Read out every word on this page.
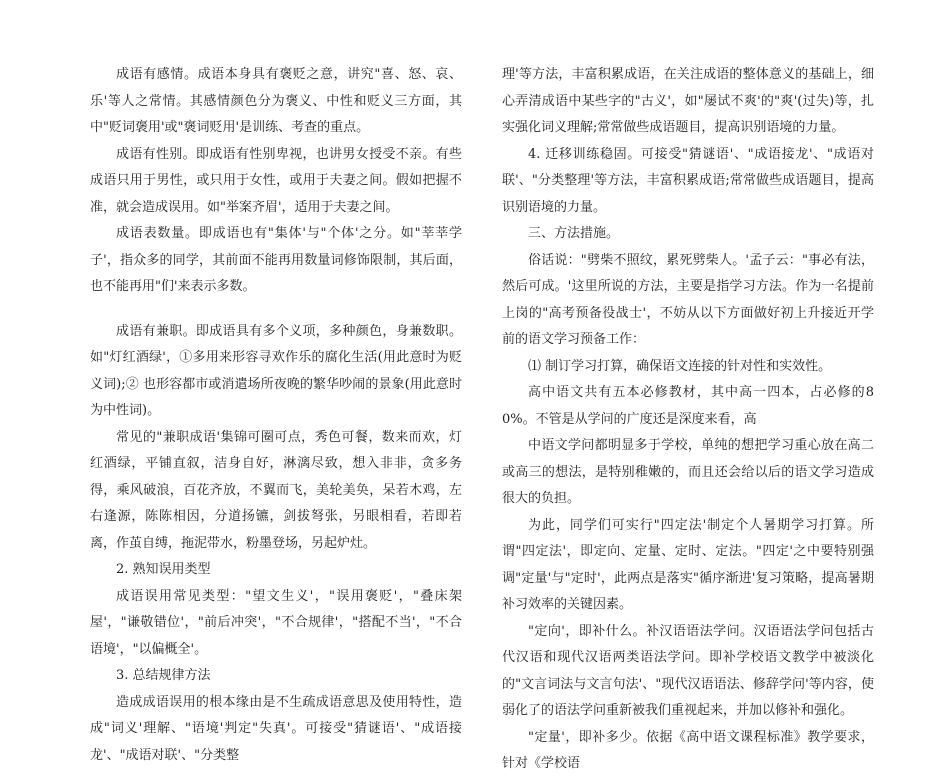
成语有感情。成语本身具有褒贬之意，讲究"喜、怒、哀、乐'等人之常情。其感情颜色分为褒义、中性和贬义三方面，其中"贬词褒用'或"褒词贬用'是训练、考查的重点。

成语有性别。即成语有性别卑视，也讲男女授受不亲。有些成语只用于男性，或只用于女性，或用于夫妻之间。假如把握不准，就会造成误用。如"举案齐眉'，适用于夫妻之间。

成语表数量。即成语也有"集体'与"个体'之分。如"莘莘学子'，指众多的同学，其前面不能再用数量词修饰限制，其后面，也不能再用"们'来表示多数。

成语有兼职。即成语具有多个义项，多种颜色，身兼数职。如"灯红酒绿'，①多用来形容寻欢作乐的腐化生活(用此意时为贬义词);② 也形容都市或消遣场所夜晚的繁华吵闹的景象(用此意时为中性词)。

常见的"兼职成语'集锦可圈可点，秀色可餐，数来而欢，灯红酒绿，平铺直叙，洁身自好，淋漓尽致，想入非非，贪多务得，乘风破浪，百花齐放，不翼而飞，美轮美奂，呆若木鸡，左右逢源，陈陈相因，分道扬镳，剑拔弩张，另眼相看，若即若离，作茧自缚，拖泥带水，粉墨登场，另起炉灶。

2. 熟知误用类型

成语误用常见类型："望文生义'，"误用褒贬'，"叠床架屋'，"谦敬错位'，"前后冲突'，"不合规律'，"搭配不当'，"不合语境'，"以偏概全'。

3. 总结规律方法

造成成语误用的根本缘由是不生疏成语意思及使用特性，造成"词义'理解、"语境'判定"失真'。可接受"猜谜语'、"成语接龙'、"成语对联'、"分类整

理'等方法，丰富积累成语，在关注成语的整体意义的基础上，细心弄清成语中某些字的"古义'，如"屡试不爽'的"爽'(过失)等，扎实强化词义理解;常常做些成语题目，提高识别语境的力量。

4. 迁移训练稳固。可接受"猜谜语'、"成语接龙'、"成语对联'、"分类整理'等方法，丰富积累成语;常常做些成语题目，提高识别语境的力量。

三、方法措施。

俗话说："劈柴不照纹，累死劈柴人。'孟子云："事必有法，然后可成。'这里所说的方法，主要是指学习方法。作为一名提前上岗的"高考预备役战士'，不妨从以下方面做好初上升接近开学前的语文学习预备工作：

⑴ 制订学习打算，确保语文连接的针对性和实效性。

高中语文共有五本必修教材，其中高一四本，占必修的80%。不管是从学问的广度还是深度来看，高

中语文学问都明显多于学校，单纯的想把学习重心放在高二或高三的想法，是特别稚嫩的，而且还会给以后的语文学习造成很大的负担。

为此，同学们可实行"四定法'制定个人暑期学习打算。所谓"四定法'，即定向、定量、定时、定法。"四定'之中要特别强调"定量'与"定时'，此两点是落实"循序渐进'复习策略，提高暑期补习效率的关键因素。

"定向'，即补什么。补汉语语法学问。汉语语法学问包括古代汉语和现代汉语两类语法学问。即补学校语文教学中被淡化的"文言词法与文言句法'、"现代汉语语法、修辞学问'等内容，使弱化了的语法学问重新被我们重视起来，并加以修补和强化。

"定量'，即补多少。依据《高中语文课程标准》教学要求，针对《学校语
